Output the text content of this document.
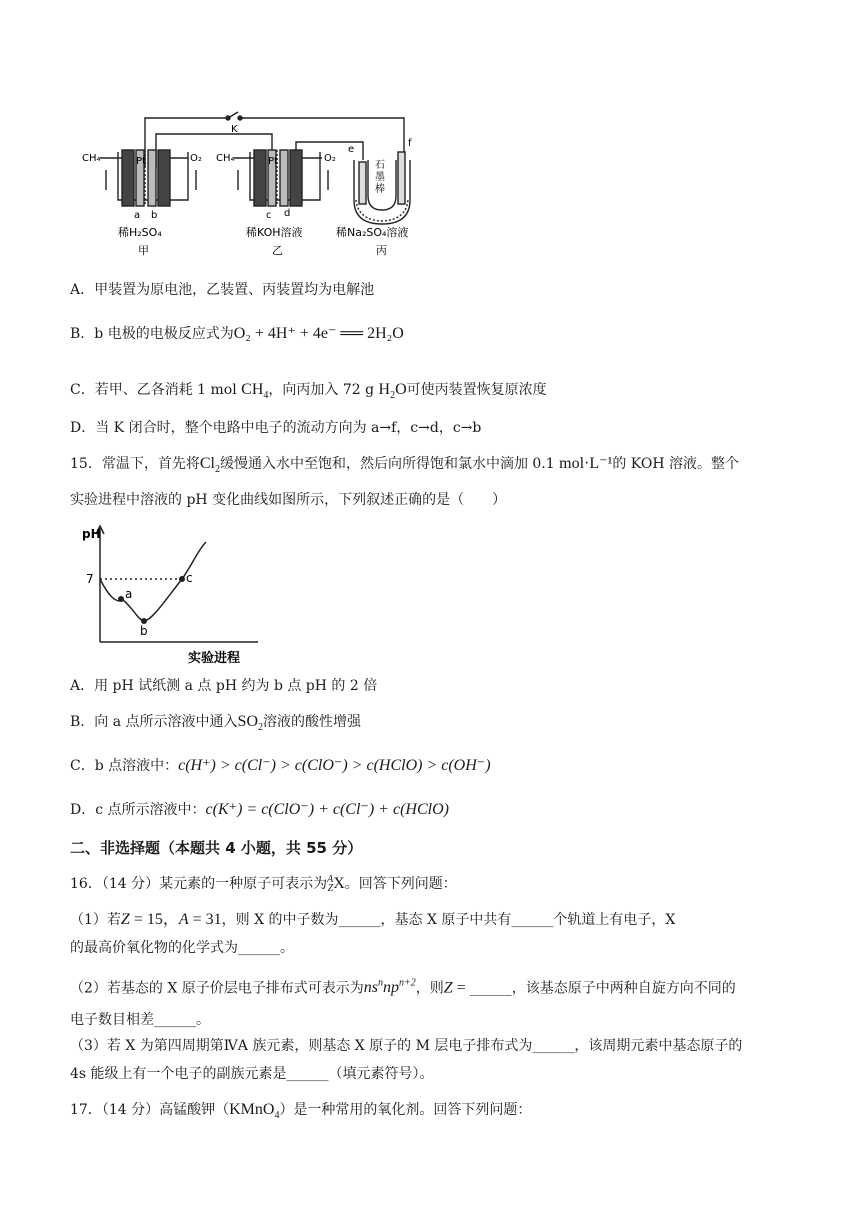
K
CH₄	Pt	O₂ CH₄	Pt	O₂
a b	c d
e
f
石
墨
棒
稀H₂SO₄
甲
稀KOH溶液
乙
稀Na₂SO₄溶液
丙
A．甲装置为原电池，乙装置、丙装置均为电解池
B．b 电极的电极反应式为O₂ + 4H⁺ + 4e⁻ ══ 2H₂O
C．若甲、乙各消耗 1 mol $CH_4$，向丙加入 72 g $H_2O$可使丙装置恢复原浓度
D．当 K 闭合时，整个电路中电子的流动方向为 a→f，c→d，c→b
15．常温下，首先将$Cl_2$缓慢通入水中至饱和，然后向所得饱和氯水中滴加 0.1 mol·L⁻¹的 KOH 溶液。整个
实验进程中溶液的 pH 变化曲线如图所示，下列叙述正确的是（　　）
pH
7
a
b
c
实验进程
A．用 pH 试纸测 a 点 pH 约为 b 点 pH 的 2 倍
B．向 a 点所示溶液中通入$SO_2$溶液的酸性增强
C．b 点溶液中：c(H⁺) > c(Cl⁻) > c(ClO⁻) > c(HClO) > c(OH⁻)
D．c 点所示溶液中：c(K⁺) = c(ClO⁻) + c(Cl⁻) + c(HClO)
二、非选择题（本题共 4 小题，共 55 分）
16．（14 分）某元素的一种原子可表示为A
ZX。回答下列问题：
（1）若Z = 15，A = 31，则 X 的中子数为______，基态 X 原子中共有______个轨道上有电子，X
的最高价氧化物的化学式为______。
（2）若基态的 X 原子价层电子排布式可表示为$ns^nnp^{n+2}$，则Z = ______，该基态原子中两种自旋方向不同的
电子数目相差______。
（3）若 X 为第四周期第ⅣA 族元素，则基态 X 原子的 M 层电子排布式为______，该周期元素中基态原子的
4s 能级上有一个电子的副族元素是______（填元素符号）。
17．（14 分）高锰酸钾（KMnO$_4$）是一种常用的氧化剂。回答下列问题：
